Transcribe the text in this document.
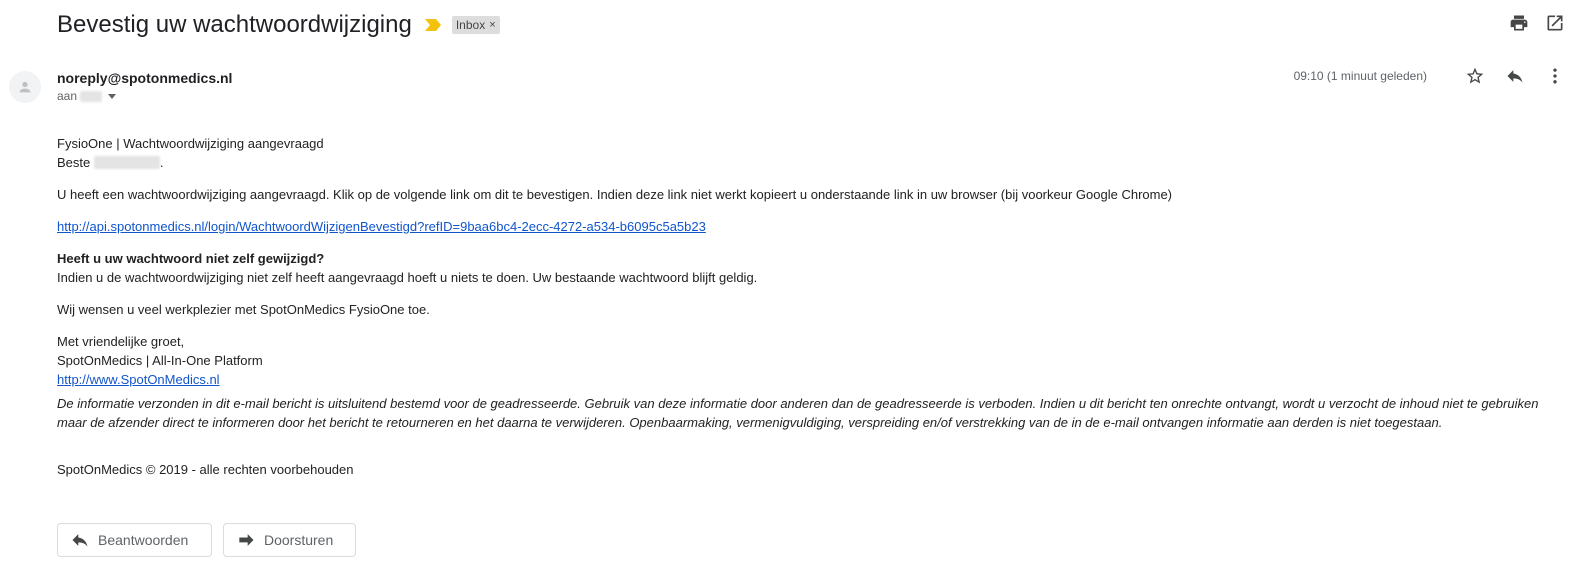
Bevestig uw wachtwoordwijziging	Inbox ×
noreply@spotonmedics.nl
aan
09:10 (1 minuut geleden)

FysioOne | Wachtwoordwijziging aangevraagd

Beste	.

U heeft een wachtwoordwijziging aangevraagd. Klik op de volgende link om dit te bevestigen. Indien deze link niet werkt kopieert u onderstaande link in uw browser (bij voorkeur Google Chrome)

http://api.spotonmedics.nl/login/WachtwoordWijzigenBevestigd?refID=9baa6bc4-2ecc-4272-a534-b6095c5a5b23

Heeft u uw wachtwoord niet zelf gewijzigd?

Indien u de wachtwoordwijziging niet zelf heeft aangevraagd hoeft u niets te doen. Uw bestaande wachtwoord blijft geldig.

Wij wensen u veel werkplezier met SpotOnMedics FysioOne toe.

Met vriendelijke groet,

SpotOnMedics | All-In-One Platform

http://www.SpotOnMedics.nl

De informatie verzonden in dit e-mail bericht is uitsluitend bestemd voor de geadresseerde. Gebruik van deze informatie door anderen dan de geadresseerde is verboden. Indien u dit bericht ten onrechte ontvangt, wordt u verzocht de inhoud niet te gebruiken maar de afzender direct te informeren door het bericht te retourneren en het daarna te verwijderen. Openbaarmaking, vermenigvuldiging, verspreiding en/of verstrekking van de in de e-mail ontvangen informatie aan derden is niet toegestaan.

SpotOnMedics © 2019 - alle rechten voorbehouden

Beantwoorden	Doorsturen
